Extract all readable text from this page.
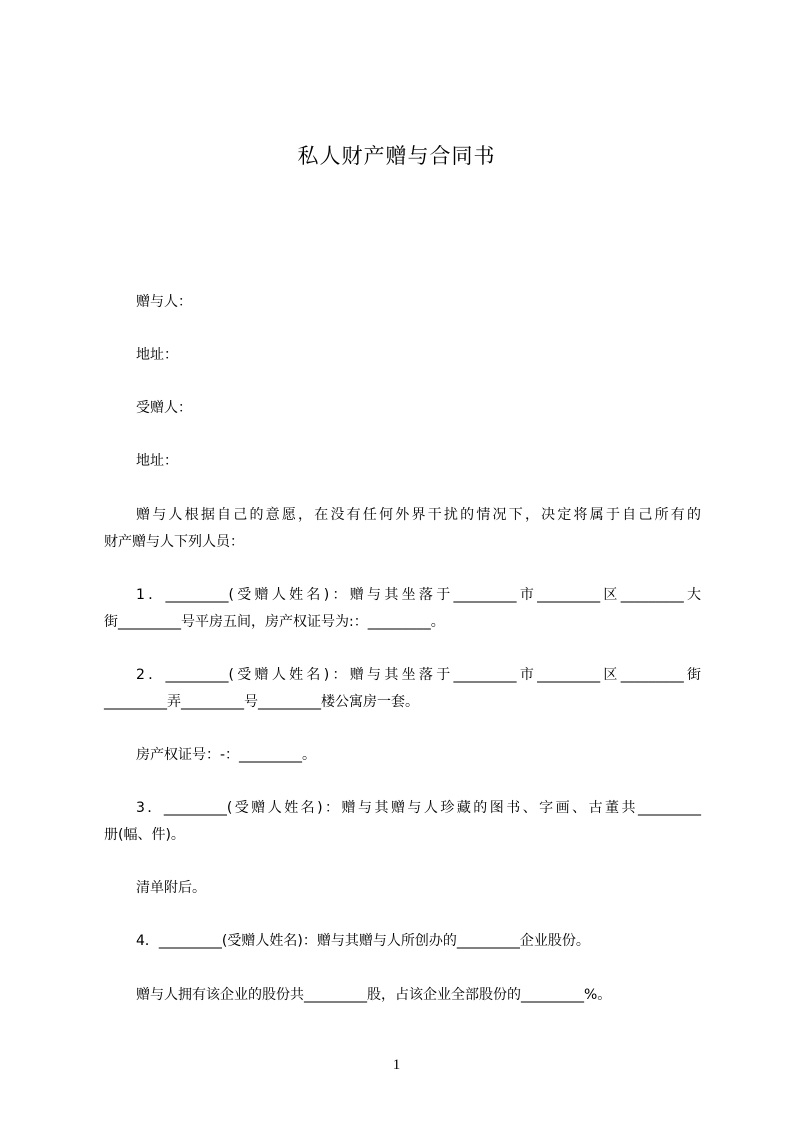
私人财产赠与合同书
赠与人：
地址：
受赠人：
地址：
赠与人根据自己的意愿，在没有任何外界干扰的情况下，决定将属于自己所有的
财产赠与人下列人员：
1．_________(受赠人姓名)：赠与其坐落于_________市_________区_________大
街_________号平房五间，房产权证号为:：_________。
2．_________(受赠人姓名)：赠与其坐落于_________市_________区_________街
_________弄_________号_________楼公寓房一套。
房产权证号：-：_________。
3．_________(受赠人姓名)：赠与其赠与人珍藏的图书、字画、古董共_________
册(幅、件)。
清单附后。
4．_________(受赠人姓名)：赠与其赠与人所创办的_________企业股份。
赠与人拥有该企业的股份共_________股，占该企业全部股份的_________%。
1
